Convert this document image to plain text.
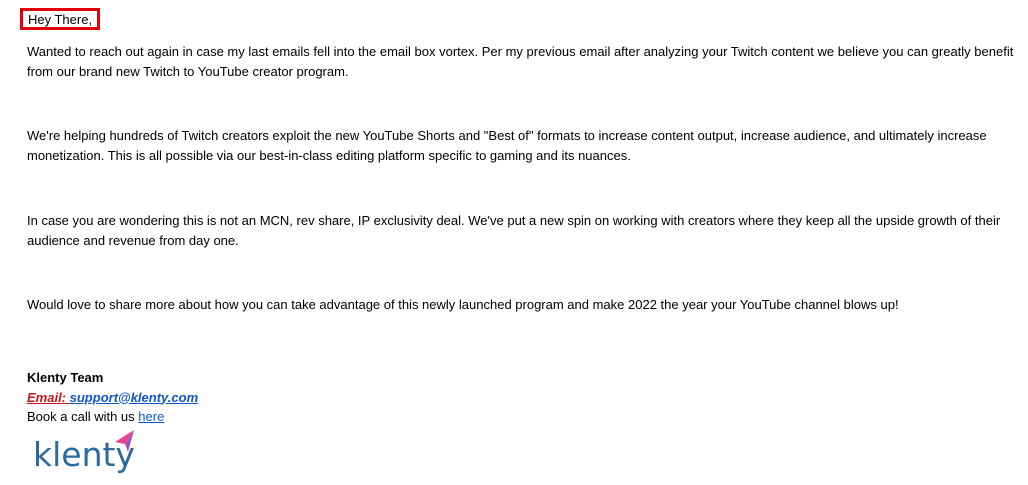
Hey There,

Wanted to reach out again in case my last emails fell into the email box vortex. Per my previous email after analyzing your Twitch content we believe you can greatly benefit from our brand new Twitch to YouTube creator program.

We're helping hundreds of Twitch creators exploit the new YouTube Shorts and "Best of" formats to increase content output, increase audience, and ultimately increase monetization. This is all possible via our best-in-class editing platform specific to gaming and its nuances.

In case you are wondering this is not an MCN, rev share, IP exclusivity deal. We've put a new spin on working with creators where they keep all the upside growth of their audience and revenue from day one.

Would love to share more about how you can take advantage of this newly launched program and make 2022 the year your YouTube channel blows up!

Klenty Team
Email: support@klenty.com
Book a call with us here
klenty
